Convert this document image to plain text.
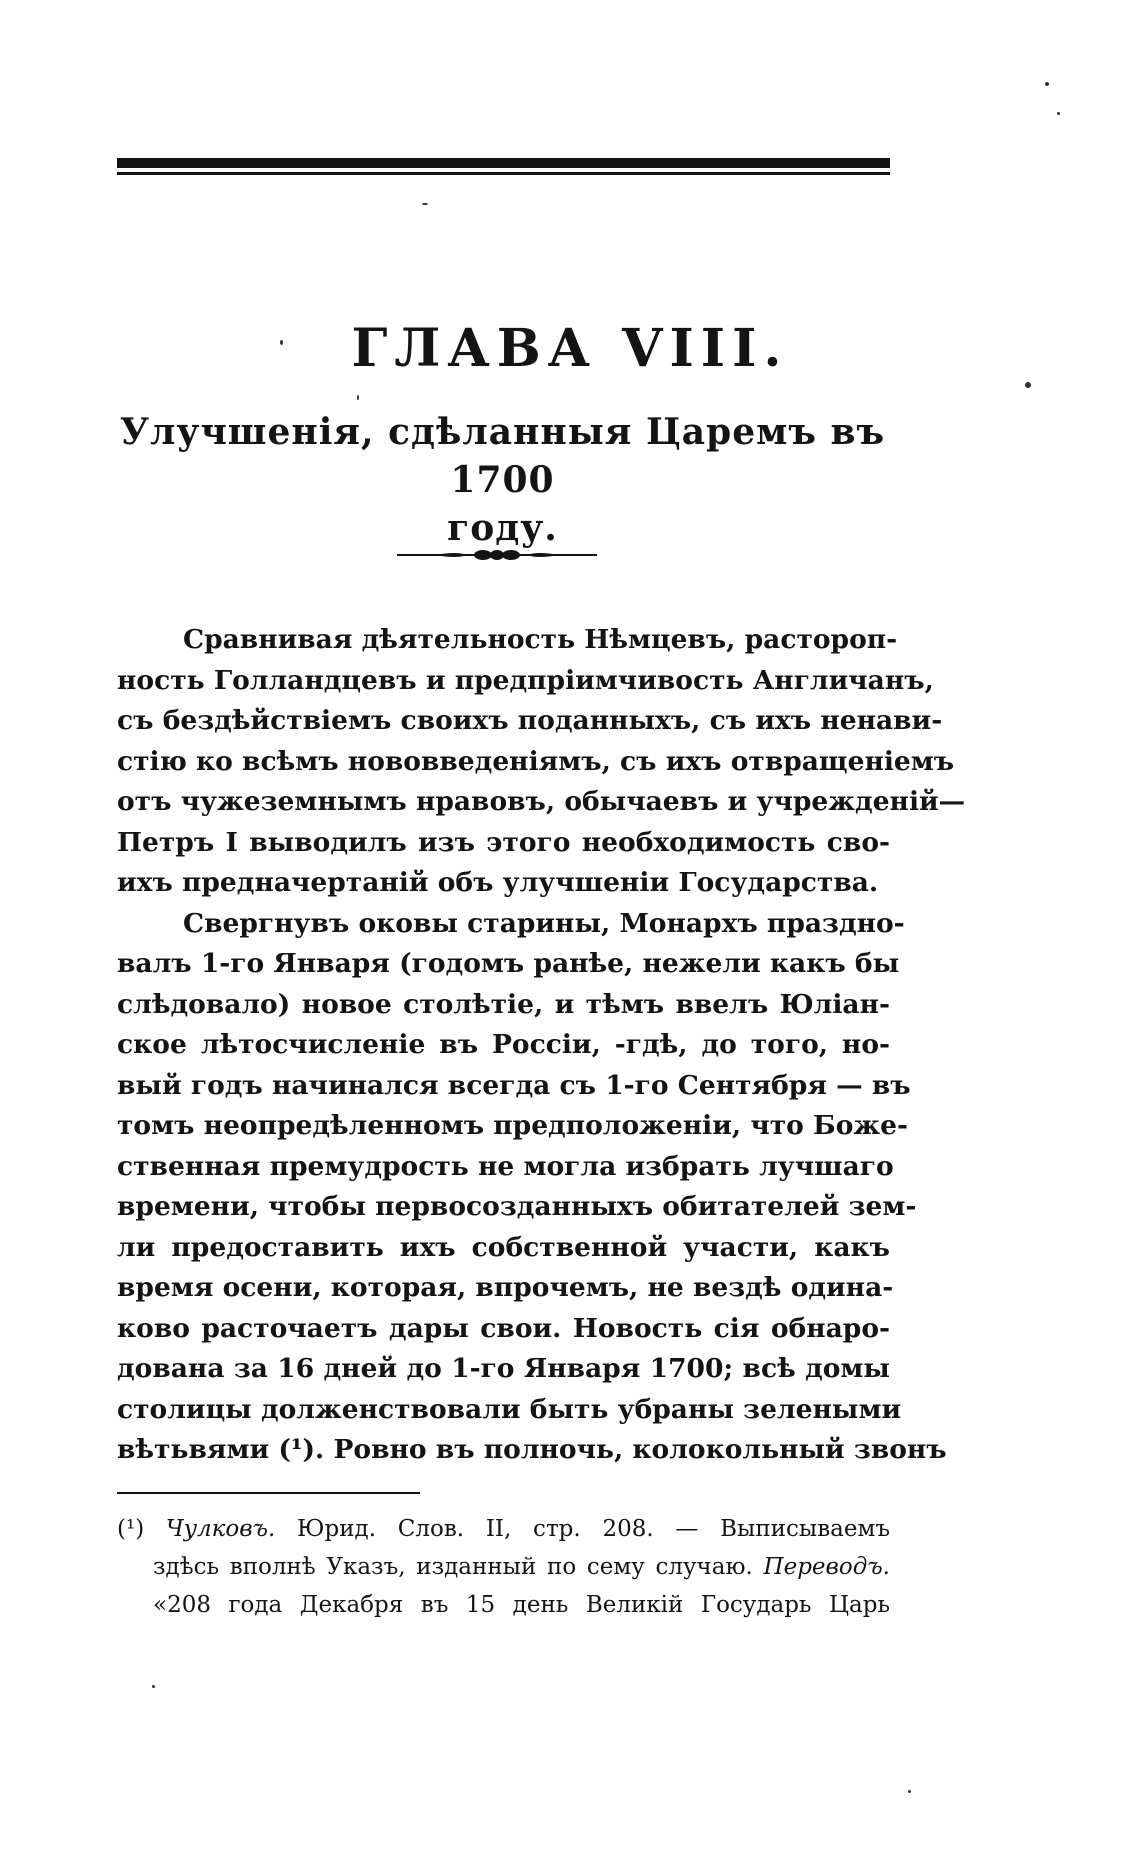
ГЛАВА VIII.
Улучшенія, сдѣланныя Царемъ въ 1700
году.
Сравнивая дѣятельность Нѣмцевъ, растороп-
ность Голландцевъ и предпріимчивость Англичанъ,
съ бездѣйствіемъ своихъ поданныхъ, съ ихъ ненави-
стію ко всѣмъ нововведеніямъ, съ ихъ отвращеніемъ
отъ чужеземнымъ нравовъ, обычаевъ и учрежденій—
Петръ I выводилъ изъ этого необходимость сво-
ихъ предначертаній объ улучшеніи Государства.
Свергнувъ оковы старины, Монархъ праздно-
валъ 1-го Января (годомъ ранѣе, нежели какъ бы
слѣдовало) новое столѣтіе, и тѣмъ ввелъ Юліан-
ское лѣтосчисленіе въ Россіи, -гдѣ, до того, но-
вый годъ начинался всегда съ 1-го Сентября — въ
томъ неопредѣленномъ предположеніи, что Боже-
ственная премудрость не могла избрать лучшаго
времени, чтобы первосозданныхъ обитателей зем-
ли предоставить ихъ собственной участи, какъ
время осени, которая, впрочемъ, не вездѣ одина-
ково расточаетъ дары свои. Новость сія обнаро-
дована за 16 дней до 1-го Января 1700; всѣ домы
столицы долженствовали быть убраны зелеными
вѣтьвями (¹). Ровно въ полночь, колокольный звонъ
(¹) Чулковъ. Юрид. Слов. II, стр. 208. — Выписываемъ
здѣсь вполнѣ Указъ, изданный по сему случаю. Переводъ.
«208 года Декабря въ 15 день Великій Государь Царь
